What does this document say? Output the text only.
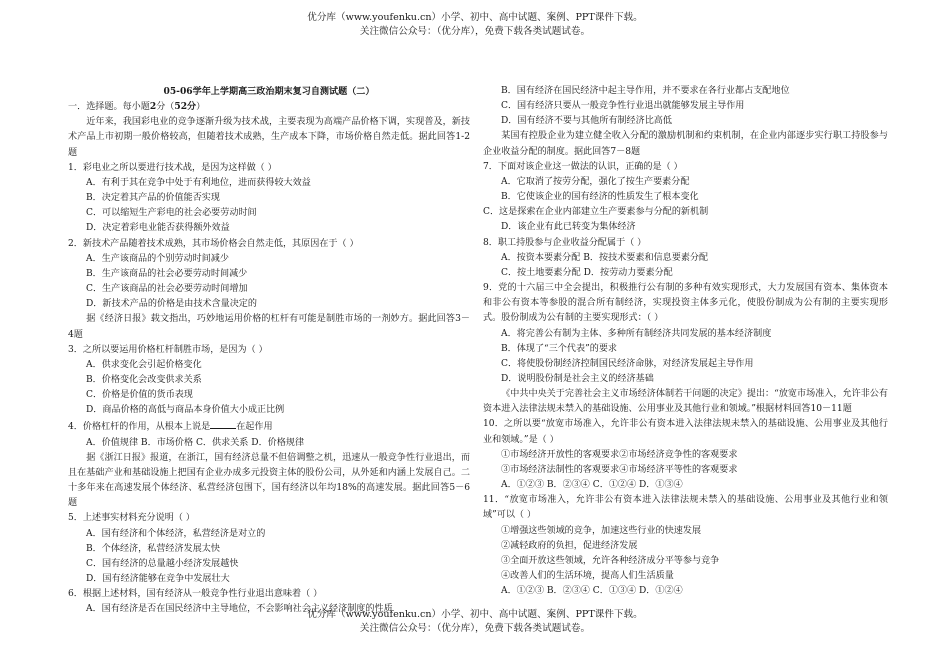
优分库（www.youfenku.cn）小学、初中、高中试题、案例、PPT课件下载。
关注微信公众号：（优分库），免费下载各类试题试卷。
05-06学年上学期高三政治期末复习自测试题（二）
一．选择题。每小题2分（52分）
近年来，我国彩电业的竞争逐渐升级为技术战，主要表现为高端产品价格下调，实现普及，新技术产品上市初期一般价格较高，但随着技术成熟，生产成本下降，市场价格自然走低。据此回答1-2题
1．彩电业之所以要进行技术战，是因为这样做（ ）
A．有利于其在竞争中处于有利地位，进而获得较大效益
B．决定着其产品的价值能否实现
C．可以缩短生产彩电的社会必要劳动时间
D．决定着彩电业能否获得额外效益
2．新技术产品随着技术成熟，其市场价格会自然走低，其原因在于（ ）
A．生产该商品的个别劳动时间减少
B．生产该商品的社会必要劳动时间减少
C．生产该商品的社会必要劳动时间增加
D．新技术产品的价格是由技术含量决定的
据《经济日报》载文指出，巧妙地运用价格的杠杆有可能是制胜市场的一剂妙方。据此回答3－4题
3．之所以要运用价格杠杆制胜市场，是因为（ ）
A．供求变化会引起价格变化
B．价格变化会改变供求关系
C．价格是价值的货币表现
D．商品价格的高低与商品本身价值大小成正比例
4．价格杠杆的作用，从根本上说是	在起作用
A．价值规律 B．市场价格 C．供求关系 D．价格规律
据《浙江日报》报道，在浙江，国有经济总量不但倍调整之机，迅速从一般竞争性行业退出，而且在基础产业和基础设施上把国有企业办成多元投资主体的股份公司，从外延和内涵上发展自己。二十多年来在高速发展个体经济、私营经济包围下，国有经济以年均18%的高速发展。据此回答5－6题
5．上述事实材料充分说明（ ）
A．国有经济和个体经济，私营经济是对立的
B．个体经济，私营经济发展太快
C．国有经济的总量越小经济发展越快
D．国有经济能够在竞争中发展壮大
6．根据上述材料，国有经济从一般竞争性行业退出意味着（ ）
A．国有经济是否在国民经济中主导地位，不会影响社会主义经济制度的性质
B．国有经济在国民经济中起主导作用，并不要求在各行业都占支配地位
C．国有经济只要从一般竞争性行业退出就能够发展主导作用
D．国有经济不要与其他所有制经济比高低
某国有控股企业为建立健全收入分配的激励机制和约束机制，在企业内部逐步实行职工持股参与企业收益分配的制度。据此回答7－8题
7．下面对该企业这一做法的认识，正确的是（ ）
A．它取消了按劳分配，强化了按生产要素分配
B．它使该企业的国有经济的性质发生了根本变化
C．这是探索在企业内部建立生产要素参与分配的新机制
D．该企业有此已转变为集体经济
8．职工持股参与企业收益分配属于（ ）
A．按资本要素分配 B．按技术要素和信息要素分配
C．按土地要素分配 D．按劳动力要素分配
9．党的十六届三中全会提出，积极推行公有制的多种有效实现形式，大力发展国有资本、集体资本和非公有资本等参股的混合所有制经济，实现投资主体多元化，使股份制成为公有制的主要实现形式。股份制成为公有制的主要实现形式：（ ）
A．将完善公有制为主体、多种所有制经济共同发展的基本经济制度
B．体现了“三个代表”的要求
C．将使股份制经济控制国民经济命脉，对经济发展起主导作用
D．说明股份制是社会主义的经济基础
《中共中央关于完善社会主义市场经济体制若干问题的决定》提出：“放宽市场准入，允许非公有资本进入法律法规未禁入的基础设施、公用事业及其他行业和领域。”根据材料回答10－11题
10．之所以要“放宽市场准入，允许非公有资本进入法律法规未禁入的基础设施、公用事业及其他行业和领域。”是（ ）
①市场经济开放性的客观要求②市场经济竞争性的客观要求
③市场经济法制性的客观要求④市场经济平等性的客观要求
A．①②③ B．②③④ C．①②④ D．①③④
11．“放宽市场准入，允许非公有资本进入法律法规未禁入的基础设施、公用事业及其他行业和领域”可以（ ）
①增强这些领域的竞争，加速这些行业的快速发展
②减轻政府的负担，促进经济发展
③全面开放这些领域，允许各种经济成分平等参与竞争
④改善人们的生活环境，提高人们生活质量
A．①②③ B．②③④ C．①③④ D．①②④
优分库（www.youfenku.cn）小学、初中、高中试题、案例、PPT课件下载。
关注微信公众号：（优分库），免费下载各类试题试卷。
